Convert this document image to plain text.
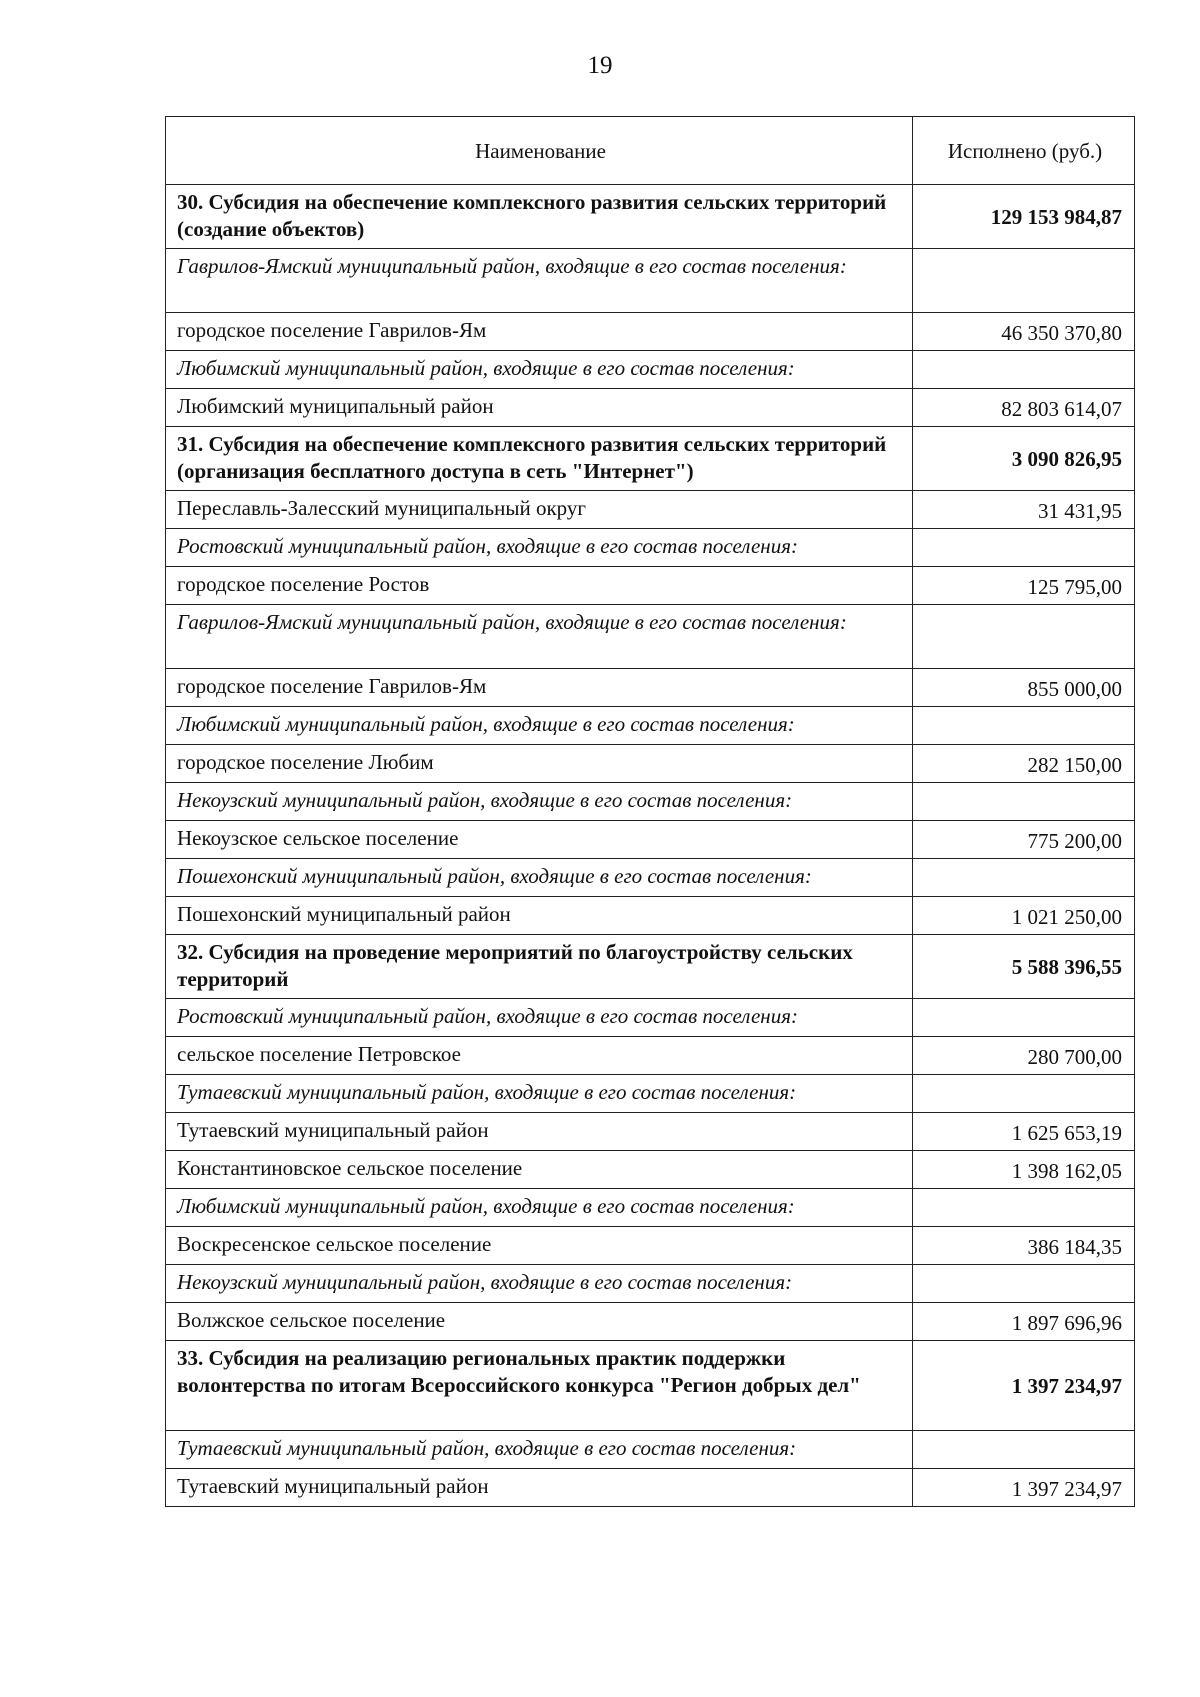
19
Наименование	Исполнено (руб.)
30. Субсидия на обеспечение комплексного развития сельских территорий (создание объектов)	129 153 984,87
Гаврилов-Ямский муниципальный район, входящие в его состав поселения:	
городское поселение Гаврилов-Ям	46 350 370,80
Любимский муниципальный район, входящие в его состав поселения:	
Любимский муниципальный район	82 803 614,07
31. Субсидия на обеспечение комплексного развития сельских территорий (организация бесплатного доступа в сеть "Интернет")	3 090 826,95
Переславль-Залесский муниципальный округ	31 431,95
Ростовский муниципальный район, входящие в его состав поселения:	
городское поселение Ростов	125 795,00
Гаврилов-Ямский муниципальный район, входящие в его состав поселения:	
городское поселение Гаврилов-Ям	855 000,00
Любимский муниципальный район, входящие в его состав поселения:	
городское поселение Любим	282 150,00
Некоузский муниципальный район, входящие в его состав поселения:	
Некоузское сельское поселение	775 200,00
Пошехонский муниципальный район, входящие в его состав поселения:	
Пошехонский муниципальный район	1 021 250,00
32. Субсидия на проведение мероприятий по благоустройству сельских территорий	5 588 396,55
Ростовский муниципальный район, входящие в его состав поселения:	
сельское поселение Петровское	280 700,00
Тутаевский муниципальный район, входящие в его состав поселения:	
Тутаевский муниципальный район	1 625 653,19
Константиновское сельское поселение	1 398 162,05
Любимский муниципальный район, входящие в его состав поселения:	
Воскресенское сельское поселение	386 184,35
Некоузский муниципальный район, входящие в его состав поселения:	
Волжское сельское поселение	1 897 696,96
33. Субсидия на реализацию региональных практик поддержки волонтерства по итогам Всероссийского конкурса "Регион добрых дел"	1 397 234,97
Тутаевский муниципальный район, входящие в его состав поселения:	
Тутаевский муниципальный район	1 397 234,97
